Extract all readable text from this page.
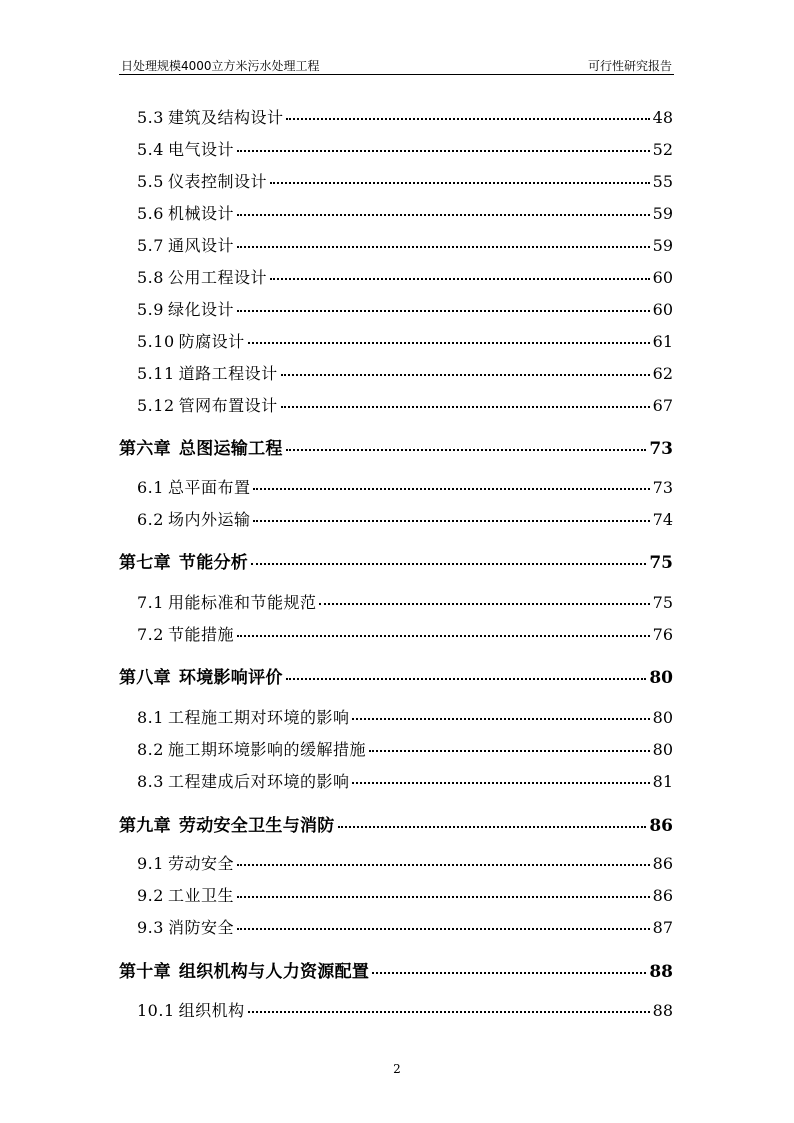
日处理规模4000立方米污水处理工程	可行性研究报告
5.3 建筑及结构设计	48
5.4 电气设计	52
5.5 仪表控制设计	55
5.6 机械设计	59
5.7 通风设计	59
5.8 公用工程设计	60
5.9 绿化设计	60
5.10 防腐设计	61
5.11 道路工程设计	62
5.12 管网布置设计	67
第六章 总图运输工程	73
6.1 总平面布置	73
6.2 场内外运输	74
第七章 节能分析	75
7.1 用能标准和节能规范	75
7.2 节能措施	76
第八章 环境影响评价	80
8.1 工程施工期对环境的影响	80
8.2 施工期环境影响的缓解措施	80
8.3 工程建成后对环境的影响	81
第九章 劳动安全卫生与消防	86
9.1 劳动安全	86
9.2 工业卫生	86
9.3 消防安全	87
第十章 组织机构与人力资源配置	88
10.1 组织机构	88
2
